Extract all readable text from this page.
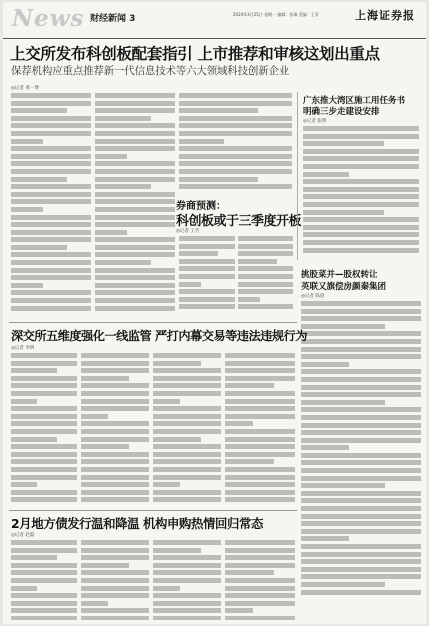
News 财经新闻 3	2024年3月25日 星期一 编辑：张瑞 美编：王菲	上海证券报
上交所发布科创板配套指引 上市推荐和审核这划出重点
保荐机构应重点推荐新一代信息技术等六大领域科技创新企业
◎记者 黄一博
券商预测：
科创板或于三季度开板
◎记者 王芳
广东推大湾区施工用任务书
明确三步走建设安排
◎记者 张明
挑股菜并—股权转让
英联又旗偿房颜秦集团
◎记者 陈晨
深交所五维度强化一线监管 严打内幕交易等违法违规行为
◎记者 李明
2月地方债发行温和降温 机构申购热情回归常态
◎记者 赵磊
